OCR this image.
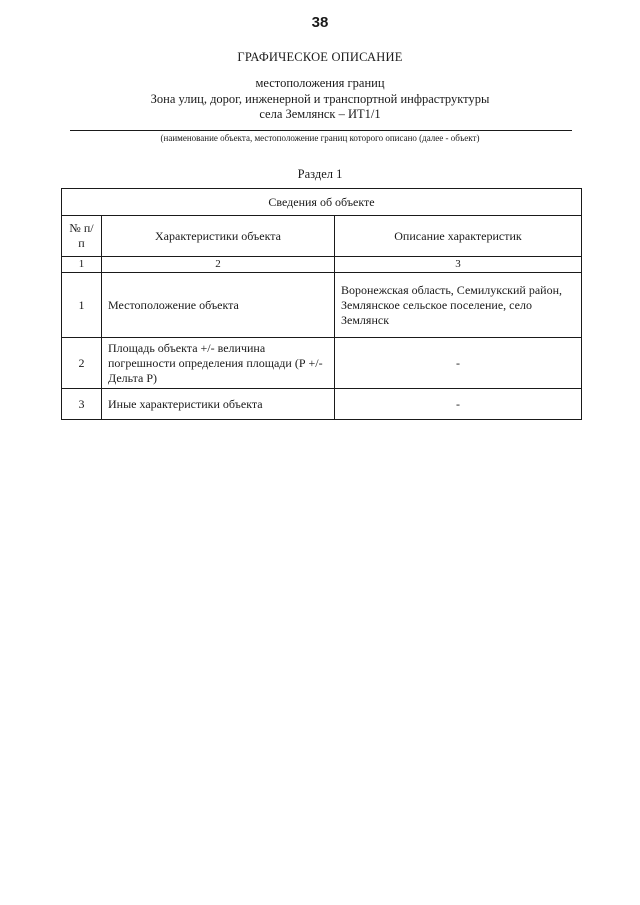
38
ГРАФИЧЕСКОЕ ОПИСАНИЕ
местоположения границ
Зона улиц, дорог, инженерной и транспортной инфраструктуры
села Землянск – ИТ1/1
(наименование объекта, местоположение границ которого описано (далее - объект)
Раздел 1
Сведения об объекте		
№ п/п	Характеристики объекта	Описание характеристик
1	2	3
1	Местоположение объекта	Воронежская область, Семилукский район, Землянское сельское поселение, село Землянск
2	Площадь объекта +/- величина погрешности определения площади (Р +/- Дельта Р)	-
3	Иные характеристики объекта	-
